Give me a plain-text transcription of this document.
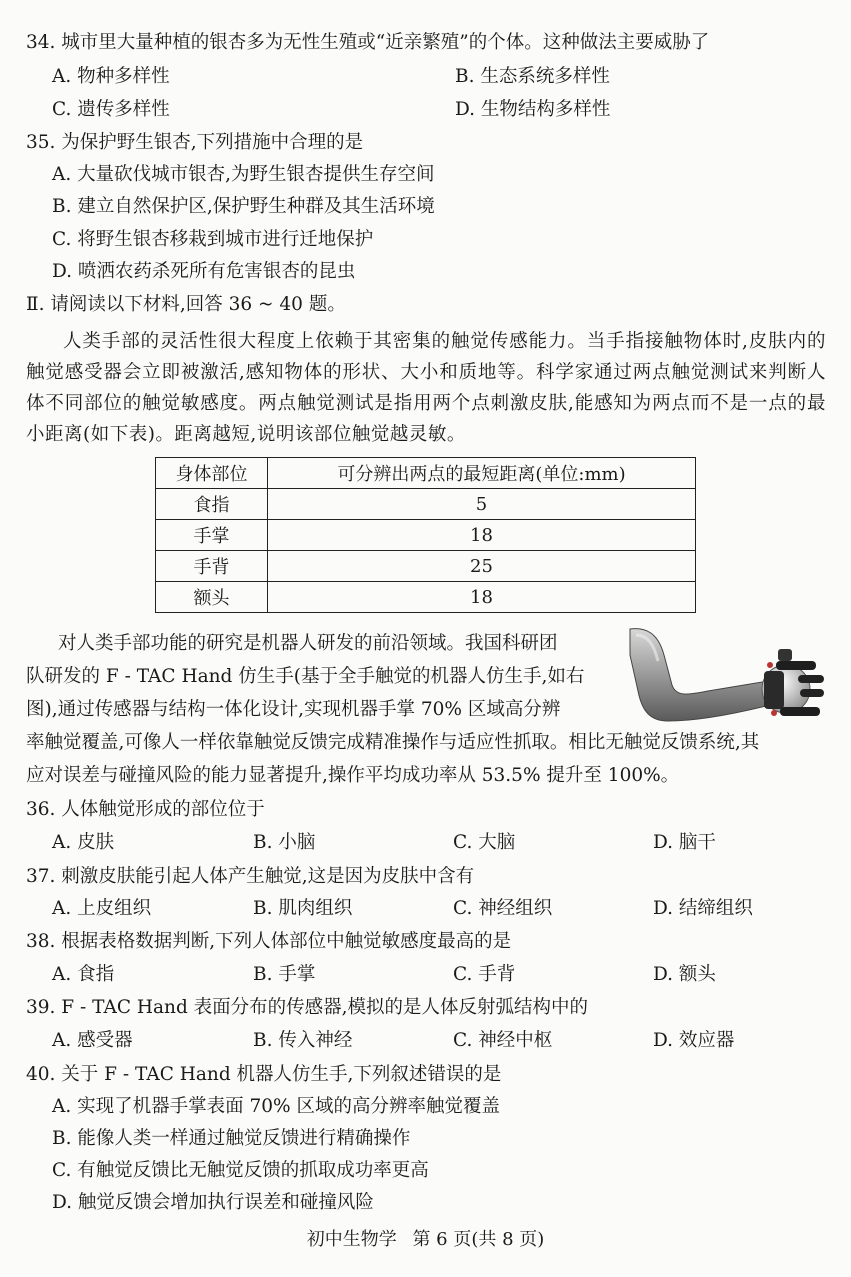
34. 城市里大量种植的银杏多为无性生殖或“近亲繁殖”的个体。这种做法主要威胁了
A. 物种多样性	B. 生态系统多样性
C. 遗传多样性	D. 生物结构多样性
35. 为保护野生银杏,下列措施中合理的是
A. 大量砍伐城市银杏,为野生银杏提供生存空间
B. 建立自然保护区,保护野生种群及其生活环境
C. 将野生银杏移栽到城市进行迁地保护
D. 喷洒农药杀死所有危害银杏的昆虫
Ⅱ. 请阅读以下材料,回答 36 ~ 40 题。
人类手部的灵活性很大程度上依赖于其密集的触觉传感能力。当手指接触物体时,皮肤内的触觉感受器会立即被激活,感知物体的形状、大小和质地等。科学家通过两点触觉测试来判断人体不同部位的触觉敏感度。两点触觉测试是指用两个点刺激皮肤,能感知为两点而不是一点的最小距离(如下表)。距离越短,说明该部位触觉越灵敏。
身体部位	可分辨出两点的最短距离(单位:mm)
食指	5
手掌	18
手背	25
额头	18
对人类手部功能的研究是机器人研发的前沿领域。我国科研团
队研发的 F - TAC Hand 仿生手(基于全手触觉的机器人仿生手,如右
图),通过传感器与结构一体化设计,实现机器手掌 70% 区域高分辨
率触觉覆盖,可像人一样依靠触觉反馈完成精准操作与适应性抓取。相比无触觉反馈系统,其
应对误差与碰撞风险的能力显著提升,操作平均成功率从 53.5% 提升至 100%。
36. 人体触觉形成的部位位于
A. 皮肤	B. 小脑	C. 大脑	D. 脑干
37. 刺激皮肤能引起人体产生触觉,这是因为皮肤中含有
A. 上皮组织	B. 肌肉组织	C. 神经组织	D. 结缔组织
38. 根据表格数据判断,下列人体部位中触觉敏感度最高的是
A. 食指	B. 手掌	C. 手背	D. 额头
39. F - TAC Hand 表面分布的传感器,模拟的是人体反射弧结构中的
A. 感受器	B. 传入神经	C. 神经中枢	D. 效应器
40. 关于 F - TAC Hand 机器人仿生手,下列叙述错误的是
A. 实现了机器手掌表面 70% 区域的高分辨率触觉覆盖
B. 能像人类一样通过触觉反馈进行精确操作
C. 有触觉反馈比无触觉反馈的抓取成功率更高
D. 触觉反馈会增加执行误差和碰撞风险
初中生物学 第 6 页(共 8 页)
